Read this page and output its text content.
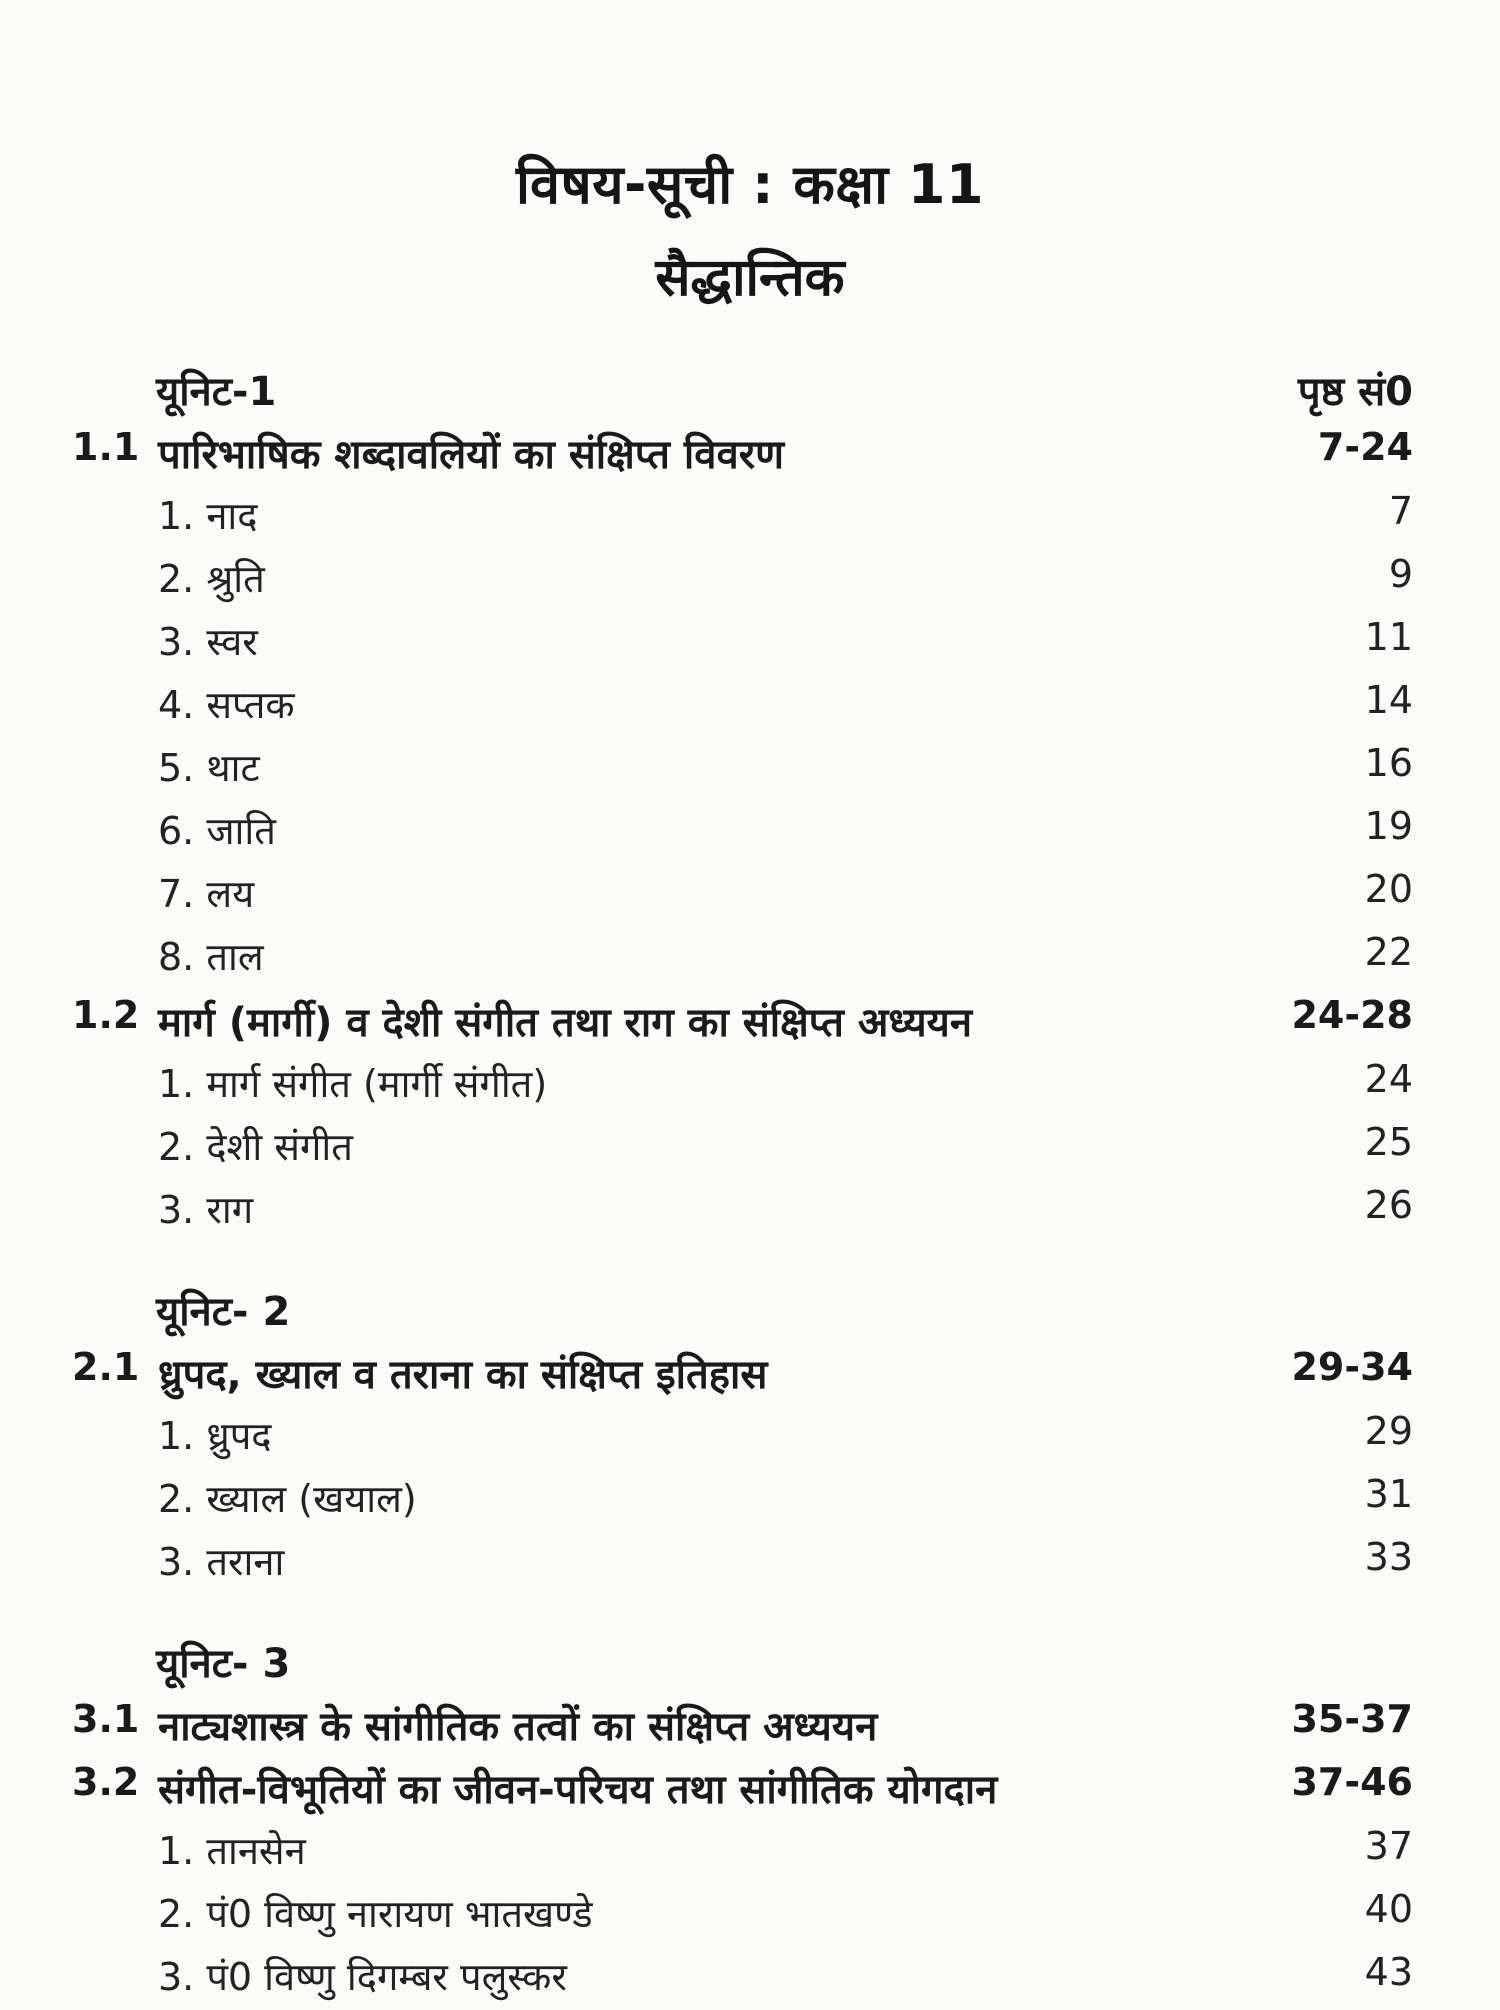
विषय-सूची : कक्षा 11
सैद्धान्तिक
यूनिट-1	पृष्ठ सं0
1.1 पारिभाषिक शब्दावलियों का संक्षिप्त विवरण	7-24
1. नाद	7
2. श्रुति	9
3. स्वर	11
4. सप्तक	14
5. थाट	16
6. जाति	19
7. लय	20
8. ताल	22
1.2 मार्ग (मार्गी) व देशी संगीत तथा राग का संक्षिप्त अध्ययन	24-28
1. मार्ग संगीत (मार्गी संगीत)	24
2. देशी संगीत	25
3. राग	26
यूनिट- 2
2.1 ध्रुपद, ख्याल व तराना का संक्षिप्त इतिहास	29-34
1. ध्रुपद	29
2. ख्याल (खयाल)	31
3. तराना	33
यूनिट- 3
3.1 नाट्यशास्त्र के सांगीतिक तत्वों का संक्षिप्त अध्ययन	35-37
3.2 संगीत-विभूतियों का जीवन-परिचय तथा सांगीतिक योगदान	37-46
1. तानसेन	37
2. पं0 विष्णु नारायण भातखण्डे	40
3. पं0 विष्णु दिगम्बर पलुस्कर	43
